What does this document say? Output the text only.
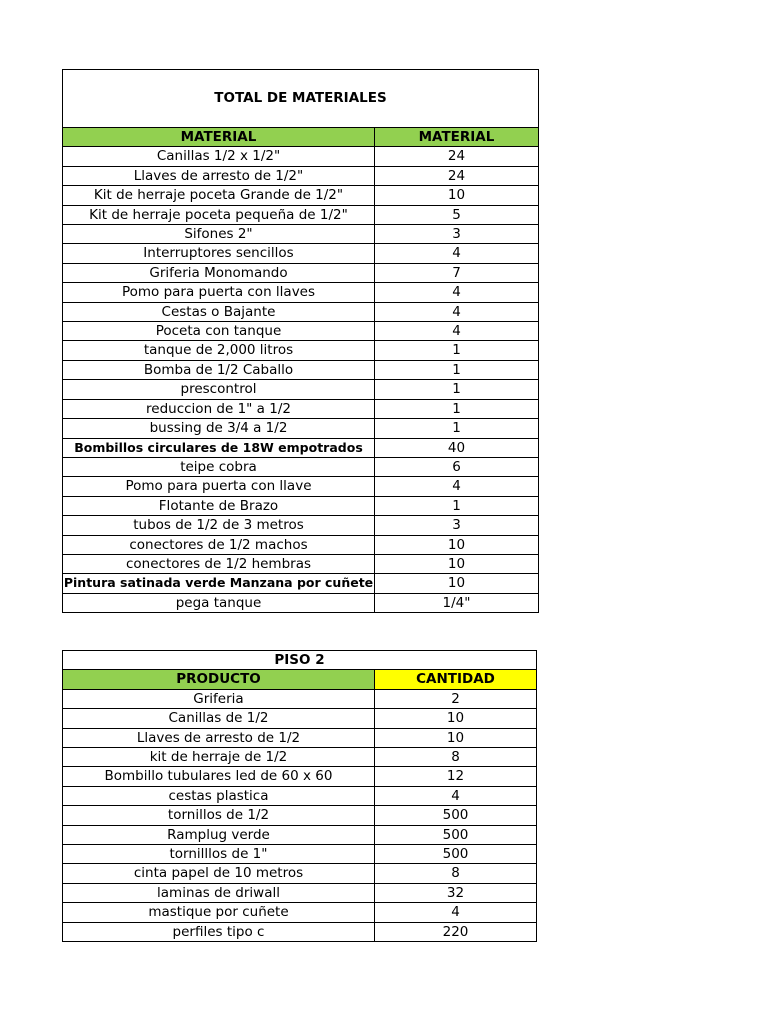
TOTAL DE MATERIALES	
MATERIAL	MATERIAL
Canillas 1/2 x 1/2"	24
Llaves de arresto de 1/2"	24
Kit de herraje poceta Grande de 1/2"	10
Kit de herraje poceta pequeña de 1/2"	5
Sifones 2"	3
Interruptores sencillos	4
Griferia Monomando	7
Pomo para puerta con llaves	4
Cestas o Bajante	4
Poceta con tanque	4
tanque de 2,000 litros	1
Bomba de 1/2 Caballo	1
prescontrol	1
reduccion de 1" a 1/2	1
bussing de 3/4 a 1/2	1
Bombillos circulares de 18W empotrados	40
teipe cobra	6
Pomo para puerta con llave	4
Flotante de Brazo	1
tubos de 1/2 de 3 metros	3
conectores de 1/2 machos	10
conectores de 1/2 hembras	10
Pintura satinada verde Manzana por cuñete	10
pega tanque	1/4"
PISO 2	
PRODUCTO	CANTIDAD
Griferia	2
Canillas de 1/2	10
Llaves de arresto de 1/2	10
kit de herraje de 1/2	8
Bombillo tubulares led de 60 x 60	12
cestas plastica	4
tornillos de 1/2	500
Ramplug verde	500
tornilllos de 1"	500
cinta papel de 10 metros	8
laminas de driwall	32
mastique por cuñete	4
perfiles tipo c	220
